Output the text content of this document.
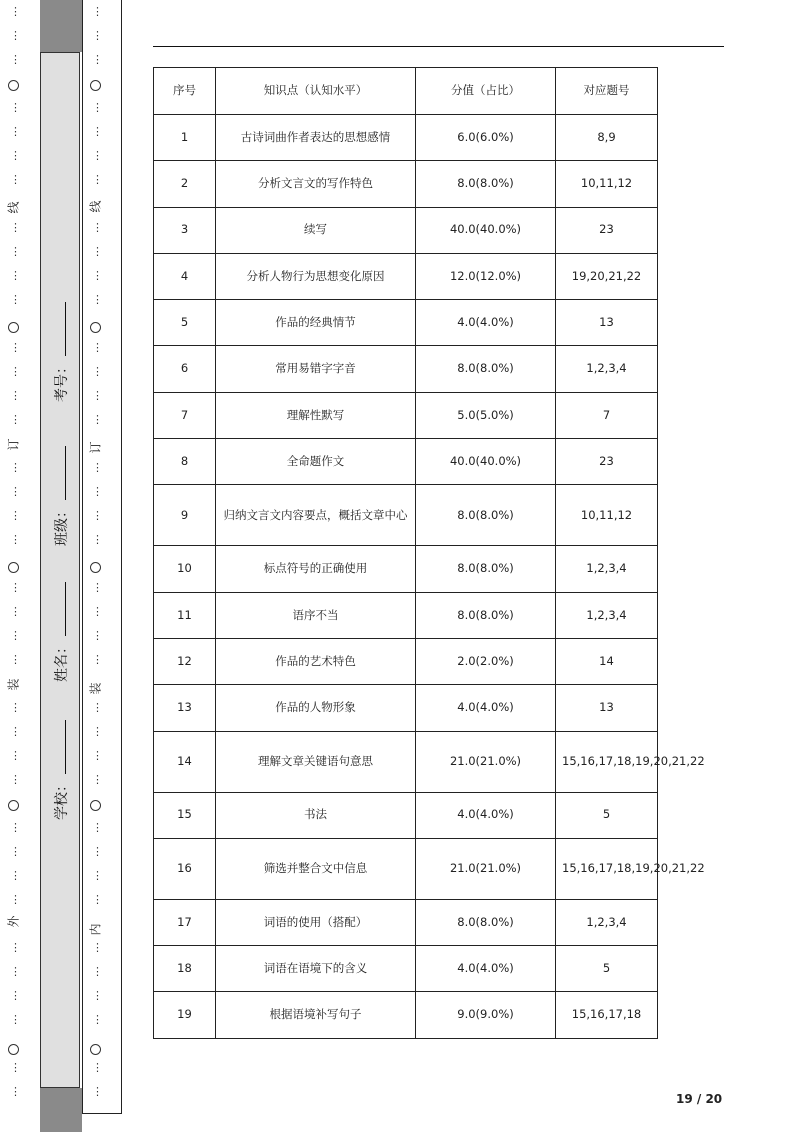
⋮
⋮
⋮
⋮
⋮
⋮
⋮
⋮
⋮
⋮
⋮
⋮
⋮
⋮
⋮
⋮
⋮
⋮
⋮
⋮
⋮
⋮
⋮
⋮
⋮
⋮
⋮
⋮
⋮
⋮
⋮
⋮
⋮
⋮
⋮
⋮
⋮
⋮
⋮
⋮
⋮
⋮
⋮
⋮
⋮
⋮
⋮
⋮
⋮
⋮
⋮
⋮
⋮
⋮
⋮
⋮
⋮
⋮
⋮
⋮
⋮
⋮
⋮
⋮
⋮
⋮
⋮
⋮
⋮
⋮
⋮
⋮
⋮
⋮
学校：
姓名：
班级：
考号：
外
装
订
线
内
装
订
线
序号	知识点（认知水平）	分值（占比）	对应题号
1	古诗词曲作者表达的思想感情	6.0(6.0%)	8,9
2	分析文言文的写作特色	8.0(8.0%)	10,11,12
3	续写	40.0(40.0%)	23
4	分析人物行为思想变化原因	12.0(12.0%)	19,20,21,22
5	作品的经典情节	4.0(4.0%)	13
6	常用易错字字音	8.0(8.0%)	1,2,3,4
7	理解性默写	5.0(5.0%)	7
8	全命题作文	40.0(40.0%)	23
9	归纳文言文内容要点，概括文章中心	8.0(8.0%)	10,11,12
10	标点符号的正确使用	8.0(8.0%)	1,2,3,4
11	语序不当	8.0(8.0%)	1,2,3,4
12	作品的艺术特色	2.0(2.0%)	14
13	作品的人物形象	4.0(4.0%)	13
14	理解文章关键语句意思	21.0(21.0%)	15,16,17,18,19,20,21,22
15	书法	4.0(4.0%)	5
16	筛选并整合文中信息	21.0(21.0%)	15,16,17,18,19,20,21,22
17	词语的使用（搭配）	8.0(8.0%)	1,2,3,4
18	词语在语境下的含义	4.0(4.0%)	5
19	根据语境补写句子	9.0(9.0%)	15,16,17,18
19 / 20
